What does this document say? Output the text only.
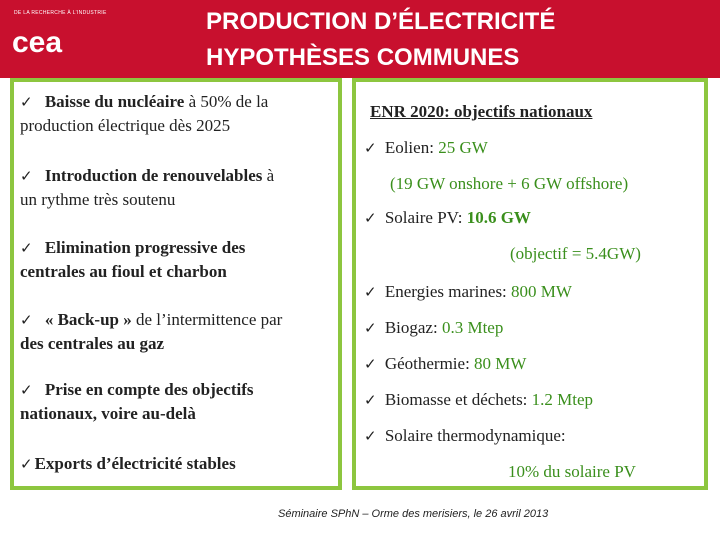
DE LA RECHERCHE À L’INDUSTRIE
cea
PRODUCTION D’ÉLECTRICITÉ
HYPOTHÈSES COMMUNES
✓ Baisse du nucléaire à 50% de la
production électrique dès 2025
✓ Introduction de renouvelables à
un rythme très soutenu
✓ Elimination progressive des
centrales au fioul et charbon
✓ « Back-up » de l’intermittence par
des centrales au gaz
✓ Prise en compte des objectifs
nationaux, voire au-delà
✓ Exports d’électricité stables
ENR 2020: objectifs nationaux
✓ Eolien: 25 GW
(19 GW onshore + 6 GW offshore)
✓ Solaire PV: 10.6 GW
(objectif = 5.4GW)
✓ Energies marines: 800 MW
✓ Biogaz: 0.3 Mtep
✓ Géothermie: 80 MW
✓ Biomasse et déchets: 1.2 Mtep
✓ Solaire thermodynamique:
10% du solaire PV
Séminaire SPhN – Orme des merisiers, le 26 avril 2013
